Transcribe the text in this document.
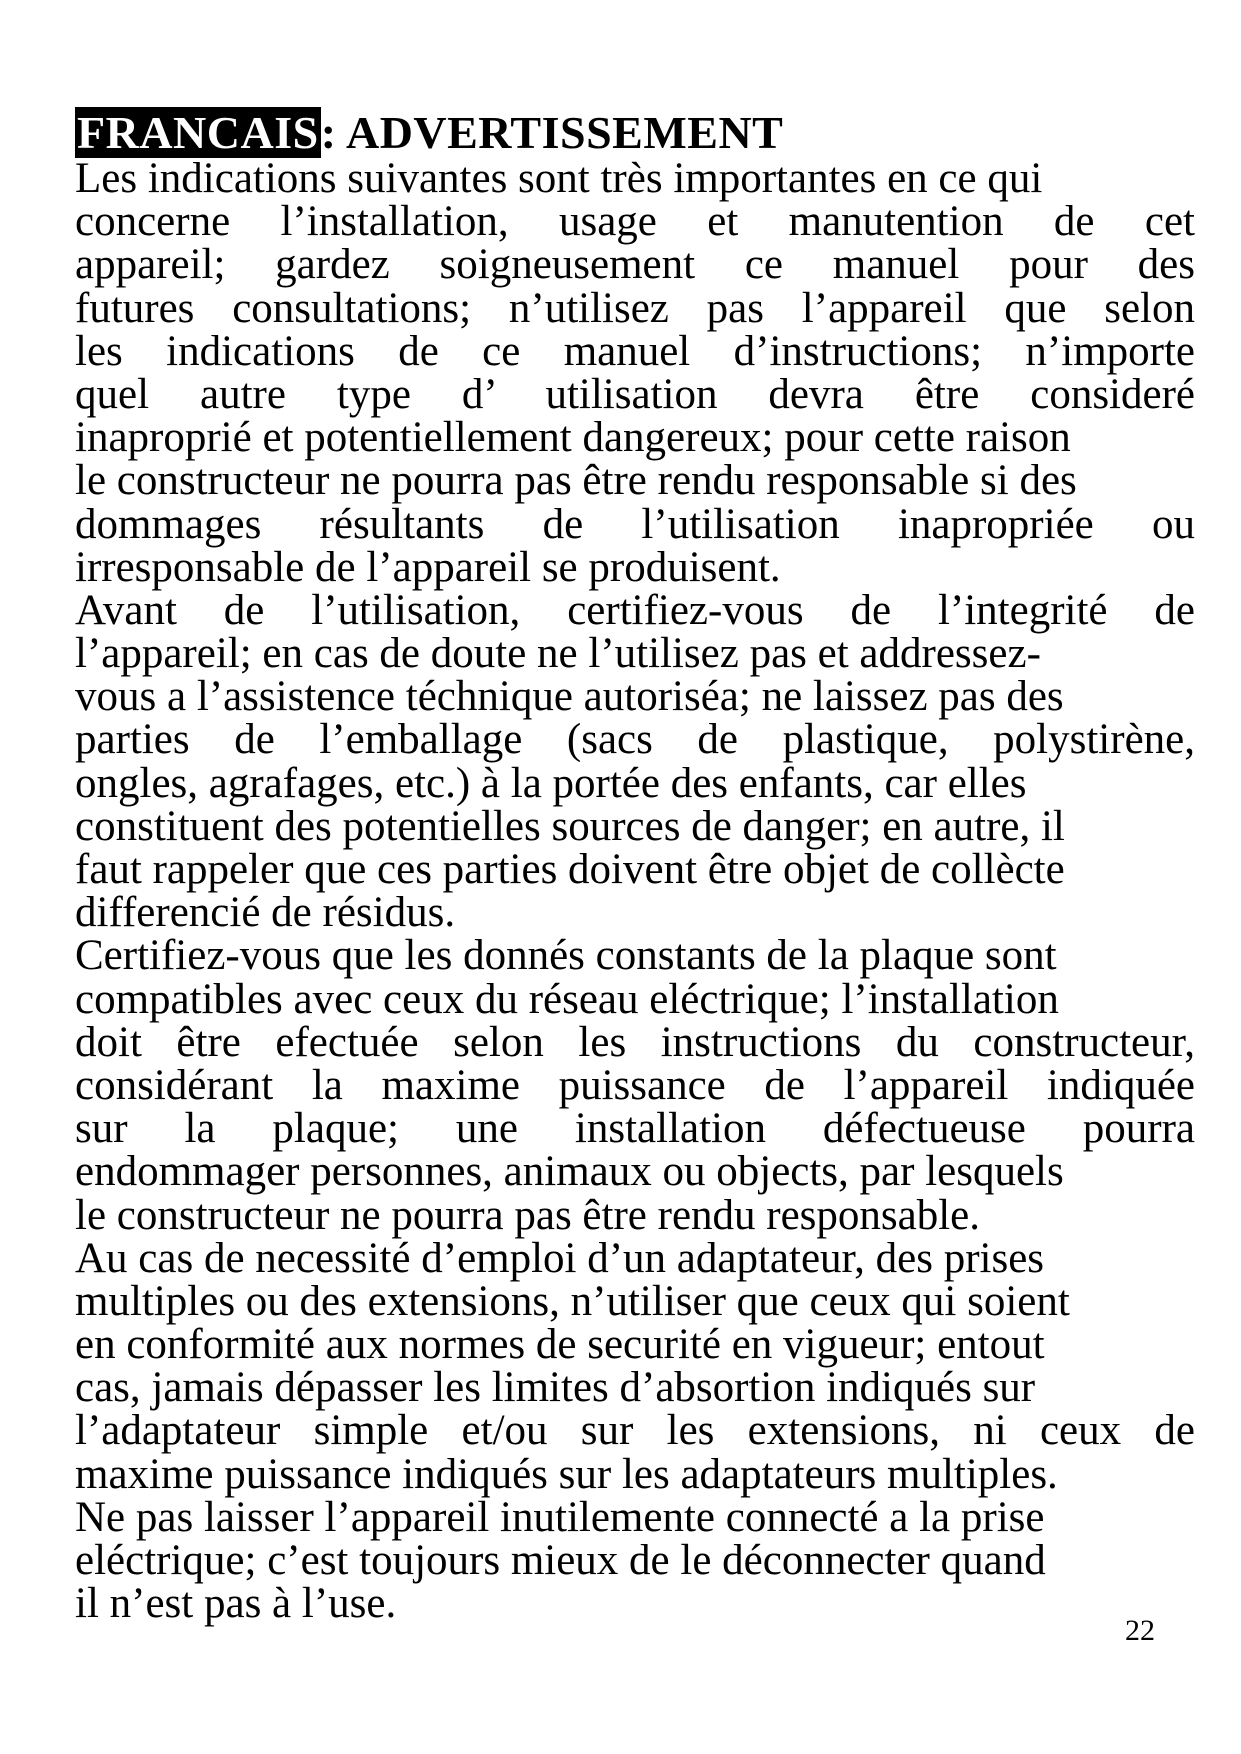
FRANCAIS: ADVERTISSEMENT
Les indications suivantes sont très importantes en ce qui
concerne l’installation, usage et manutention de cet
appareil; gardez soigneusement ce manuel pour des
futures consultations; n’utilisez pas l’appareil que selon
les indications de ce manuel d’instructions; n’importe
quel autre type d’ utilisation devra être consideré
inaproprié et potentiellement dangereux; pour cette raison
le constructeur ne pourra pas être rendu responsable si des
dommages résultants de l’utilisation inapropriée ou
irresponsable de l’appareil se produisent.
Avant de l’utilisation, certifiez-vous de l’integrité de
l’appareil; en cas de doute ne l’utilisez pas et addressez-
vous a l’assistence téchnique autoriséa; ne laissez pas des
parties de l’emballage (sacs de plastique, polystirène,
ongles, agrafages, etc.) à la portée des enfants, car elles
constituent des potentielles sources de danger; en autre, il
faut rappeler que ces parties doivent être objet de collècte
differencié de résidus.
Certifiez-vous que les donnés constants de la plaque sont
compatibles avec ceux du réseau eléctrique; l’installation
doit être efectuée selon les instructions du constructeur,
considérant la maxime puissance de l’appareil indiquée
sur la plaque; une installation défectueuse pourra
endommager personnes, animaux ou objects, par lesquels
le constructeur ne pourra pas être rendu responsable.
Au cas de necessité d’emploi d’un adaptateur, des prises
multiples ou des extensions, n’utiliser que ceux qui soient
en conformité aux normes de securité en vigueur; entout
cas, jamais dépasser les limites d’absortion indiqués sur
l’adaptateur simple et/ou sur les extensions, ni ceux de
maxime puissance indiqués sur les adaptateurs multiples.
Ne pas laisser l’appareil inutilemente connecté a la prise
eléctrique; c’est toujours mieux de le déconnecter quand
il n’est pas à l’use.
22
